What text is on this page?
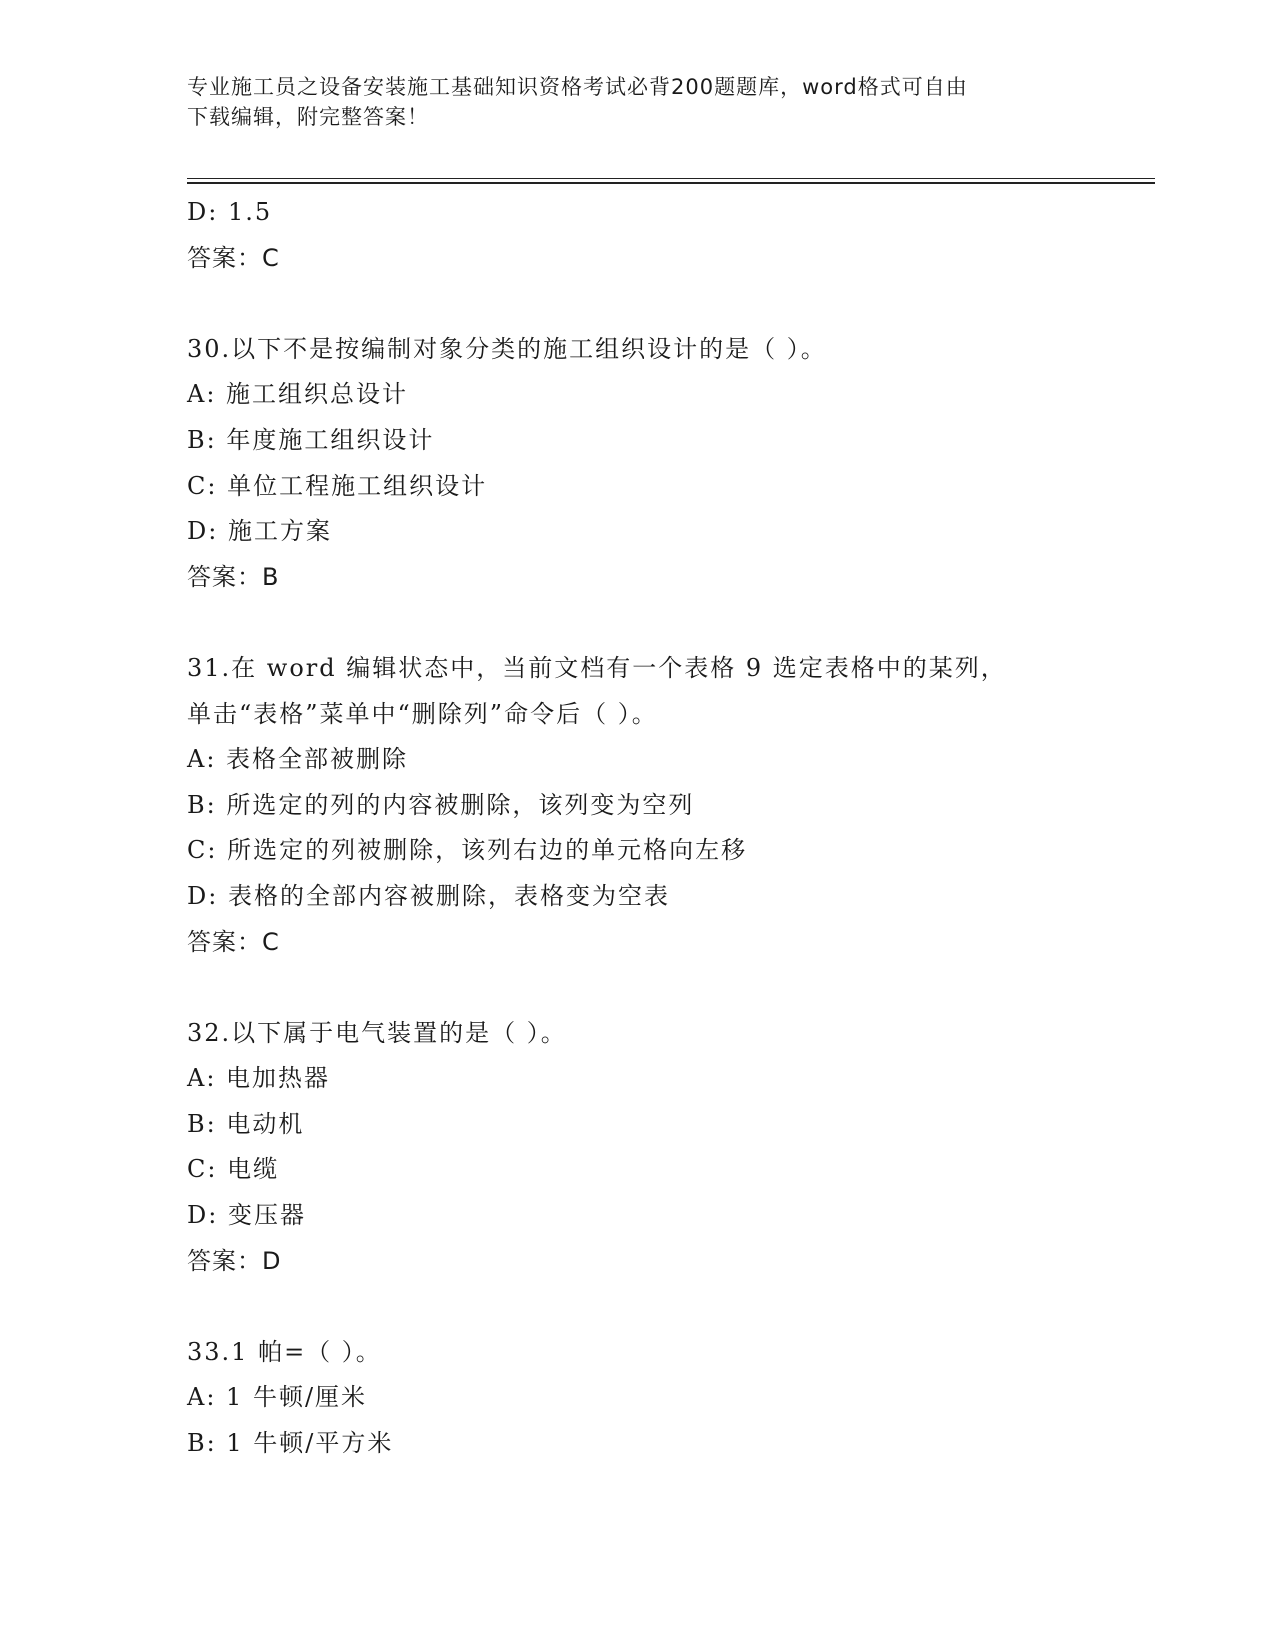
专业施工员之设备安装施工基础知识资格考试必背200题题库，word格式可自由
下载编辑，附完整答案！
D: 1.5
答案：C
30.以下不是按编制对象分类的施工组织设计的是（ ）。
A: 施工组织总设计
B: 年度施工组织设计
C: 单位工程施工组织设计
D: 施工方案
答案：B
31.在 word 编辑状态中，当前文档有一个表格 9 选定表格中的某列，
单击“表格”菜单中“删除列”命令后（ ）。
A: 表格全部被删除
B: 所选定的列的内容被删除，该列变为空列
C: 所选定的列被删除，该列右边的单元格向左移
D: 表格的全部内容被删除，表格变为空表
答案：C
32.以下属于电气装置的是（ ）。
A: 电加热器
B: 电动机
C: 电缆
D: 变压器
答案：D
33.1 帕=（ ）。
A: 1 牛顿/厘米
B: 1 牛顿/平方米
